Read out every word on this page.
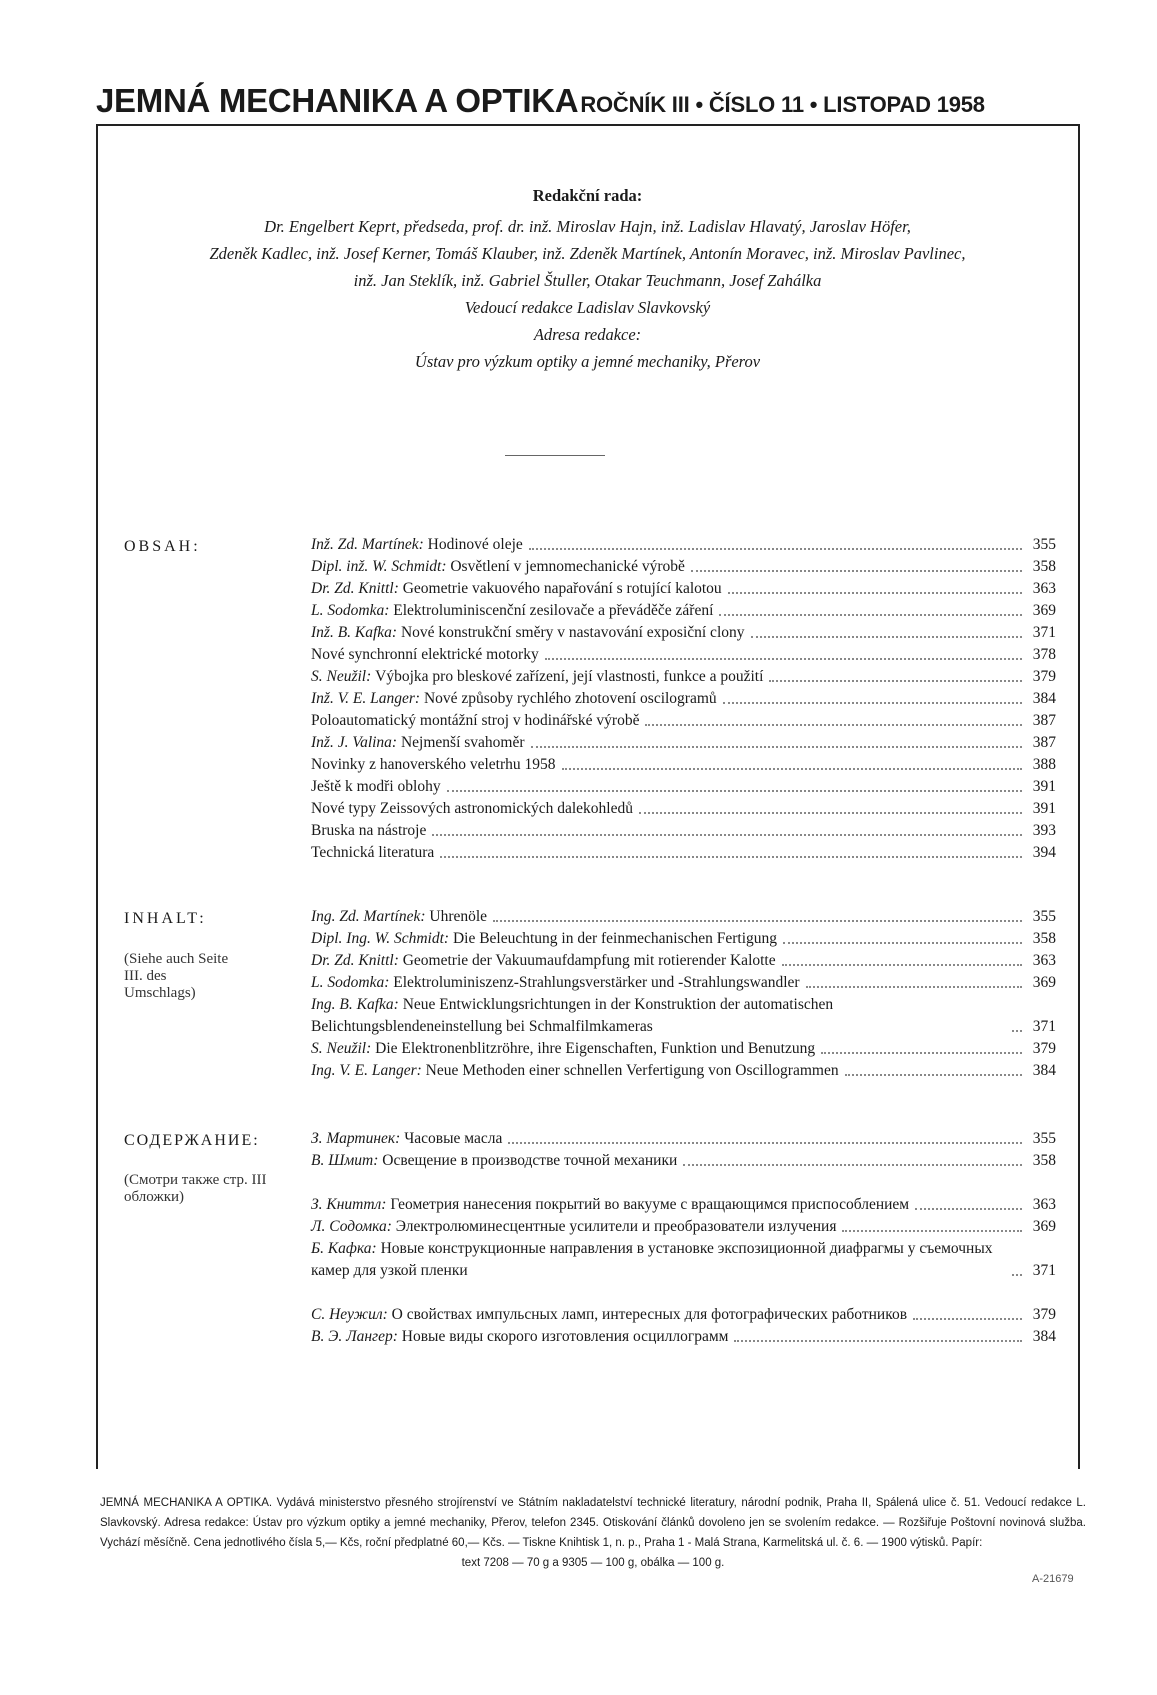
JEMNÁ MECHANIKA A OPTIKA ROČNÍK III • ČÍSLO 11 • LISTOPAD 1958
Redakční rada:
Dr. Engelbert Keprt, předseda, prof. dr. inž. Miroslav Hajn, inž. Ladislav Hlavatý, Jaroslav Höfer,
Zdeněk Kadlec, inž. Josef Kerner, Tomáš Klauber, inž. Zdeněk Martínek, Antonín Moravec, inž. Miroslav Pavlinec,
inž. Jan Steklík, inž. Gabriel Štuller, Otakar Teuchmann, Josef Zahálka
Vedoucí redakce Ladislav Slavkovský
Adresa redakce:
Ústav pro výzkum optiky a jemné mechaniky, Přerov
OBSAH:	Inž. Zd. Martínek: Hodinové oleje	355
Dipl. inž. W. Schmidt: Osvětlení v jemnomechanické výrobě	358
Dr. Zd. Knittl: Geometrie vakuového napařování s rotující kalotou	363
L. Sodomka: Elektroluminiscenční zesilovače a převáděče záření	369
Inž. B. Kafka: Nové konstrukční směry v nastavování exposiční clony	371
Nové synchronní elektrické motorky	378
S. Neužil: Výbojka pro bleskové zařízení, její vlastnosti, funkce a použití	379
Inž. V. E. Langer: Nové způsoby rychlého zhotovení oscilogramů	384
Poloautomatický montážní stroj v hodinářské výrobě	387
Inž. J. Valina: Nejmenší svahoměr	387
Novinky z hanoverského veletrhu 1958	388
Ještě k modři oblohy	391
Nové typy Zeissových astronomických dalekohledů	391
Bruska na nástroje	393
Technická literatura	394
INHALT:
(Siehe auch Seite III. des Umschlags)
Ing. Zd. Martínek: Uhrenöle	355
Dipl. Ing. W. Schmidt: Die Beleuchtung in der feinmechanischen Fertigung	358
Dr. Zd. Knittl: Geometrie der Vakuumaufdampfung mit rotierender Kalotte	363
L. Sodomka: Elektroluminiszenz-Strahlungsverstärker und -Strahlungswandler	369
Ing. B. Kafka: Neue Entwicklungsrichtungen in der Konstruktion der automatischen Belichtungsblendeneinstellung bei Schmalfilmkameras	371
S. Neužil: Die Elektronenblitzröhre, ihre Eigenschaften, Funktion und Benutzung	379
Ing. V. E. Langer: Neue Methoden einer schnellen Verfertigung von Oscillogrammen	384
СОДЕРЖАНИЕ:
(Смотри также стр. III обложки)
З. Мартинек: Часовые масла	355
В. Шмит: Освещение в производстве точной механики	358
З. Книттл: Геометрия нанесения покрытий во вакууме с вращающимся приспособлением	363
Л. Содомка: Электролюминесцентные усилители и преобразователи излучения	369
Б. Кафка: Новые конструкционные направления в установке экспозиционной диафрагмы у съемочных камер для узкой пленки	371
С. Неужил: О свойствах импульсных ламп, интересных для фотографических работников	379
В. Э. Лангер: Новые виды скорого изготовления осциллограмм	384
JEMNÁ MECHANIKA A OPTIKA. Vydává ministerstvo přesného strojírenství ve Státním nakladatelství technické literatury, národní podnik, Praha II, Spálená ulice č. 51. Vedoucí redakce L. Slavkovský. Adresa redakce: Ústav pro výzkum optiky a jemné mechaniky, Přerov, telefon 2345. Otiskování článků dovoleno jen se svolením redakce. — Rozšiřuje Poštovní novinová služba. Vychází měsíčně. Cena jednotlivého čísla 5,— Kčs, roční předplatné 60,— Kčs. — Tiskne Knihtisk 1, n. p., Praha 1 - Malá Strana, Karmelitská ul. č. 6. — 1900 výtisků. Papír:
text 7208 — 70 g a 9305 — 100 g, obálka — 100 g.
A-21679
